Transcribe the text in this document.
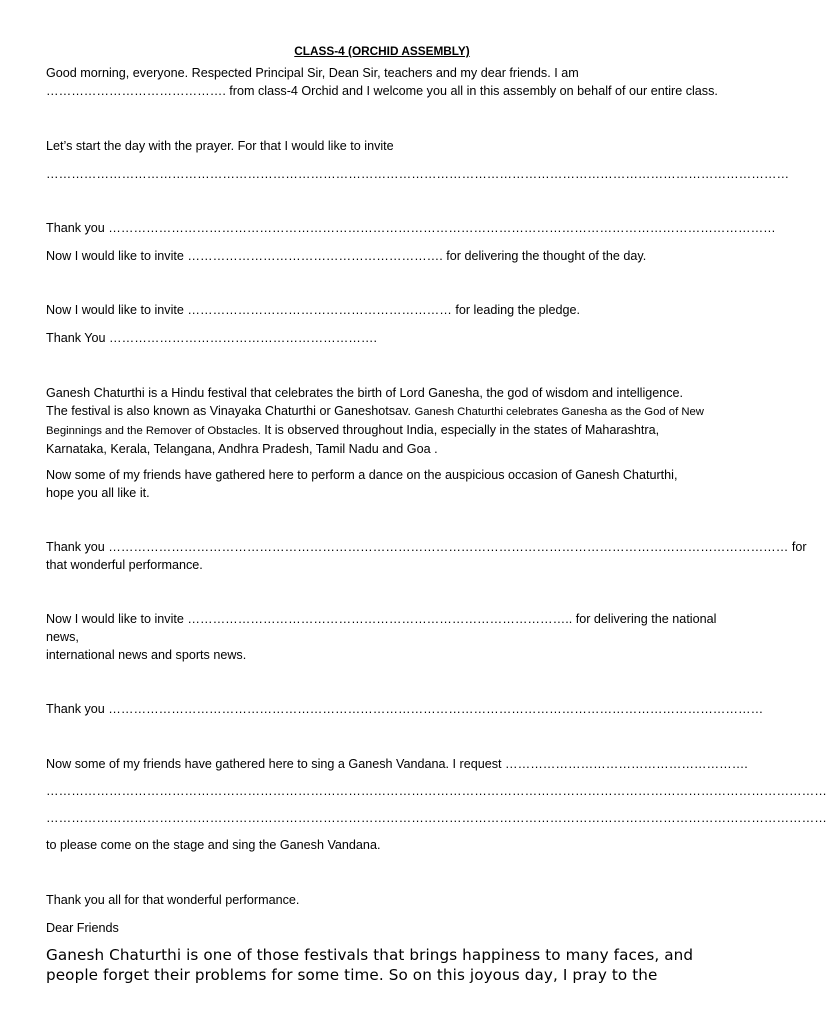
CLASS-4 (ORCHID ASSEMBLY)

Good morning, everyone. Respected Principal Sir, Dean Sir, teachers and my dear friends. I am

……………………………………. from class-4 Orchid and I welcome you all in this assembly on behalf of our entire class.

Let’s start the day with the prayer. For that I would like to invite

……………………………………………………………………………………………………………………………………………………………

Thank you ……………………………………………………………………………………………………………………………………………

Now I would like to invite ……………………………………………………. for delivering the thought of the day.

Now I would like to invite ……………………………………………………… for leading the pledge.

Thank You ……………………………………………………….

Ganesh Chaturthi is a Hindu festival that celebrates the birth of Lord Ganesha, the god of wisdom and intelligence.

The festival is also known as Vinayaka Chaturthi or Ganeshotsav. Ganesh Chaturthi celebrates Ganesha as the God of New

Beginnings and the Remover of Obstacles. It is observed throughout India, especially in the states of Maharashtra,

Karnataka, Kerala, Telangana, Andhra Pradesh, Tamil Nadu and Goa .

Now some of my friends have gathered here to perform a dance on the auspicious occasion of Ganesh Chaturthi,

hope you all like it.

Thank you ……………………………………………………………………………………………………………………………………………… for

that wonderful performance.

Now I would like to invite ……………………………………………………………………………….. for delivering the national news,

international news and sports news.

Thank you …………………………………………………………………………………………………………………………………………

Now some of my friends have gathered here to sing a Ganesh Vandana. I request ………………………………………………….

……………………………………………………………………………………………………………………………………………………………………

……………………………………………………………………………………………………………………………………………………………………

to please come on the stage and sing the Ganesh Vandana.

Thank you all for that wonderful performance.

Dear Friends

Ganesh Chaturthi is one of those festivals that brings happiness to many faces, and

people forget their problems for some time. So on this joyous day, I pray to the
